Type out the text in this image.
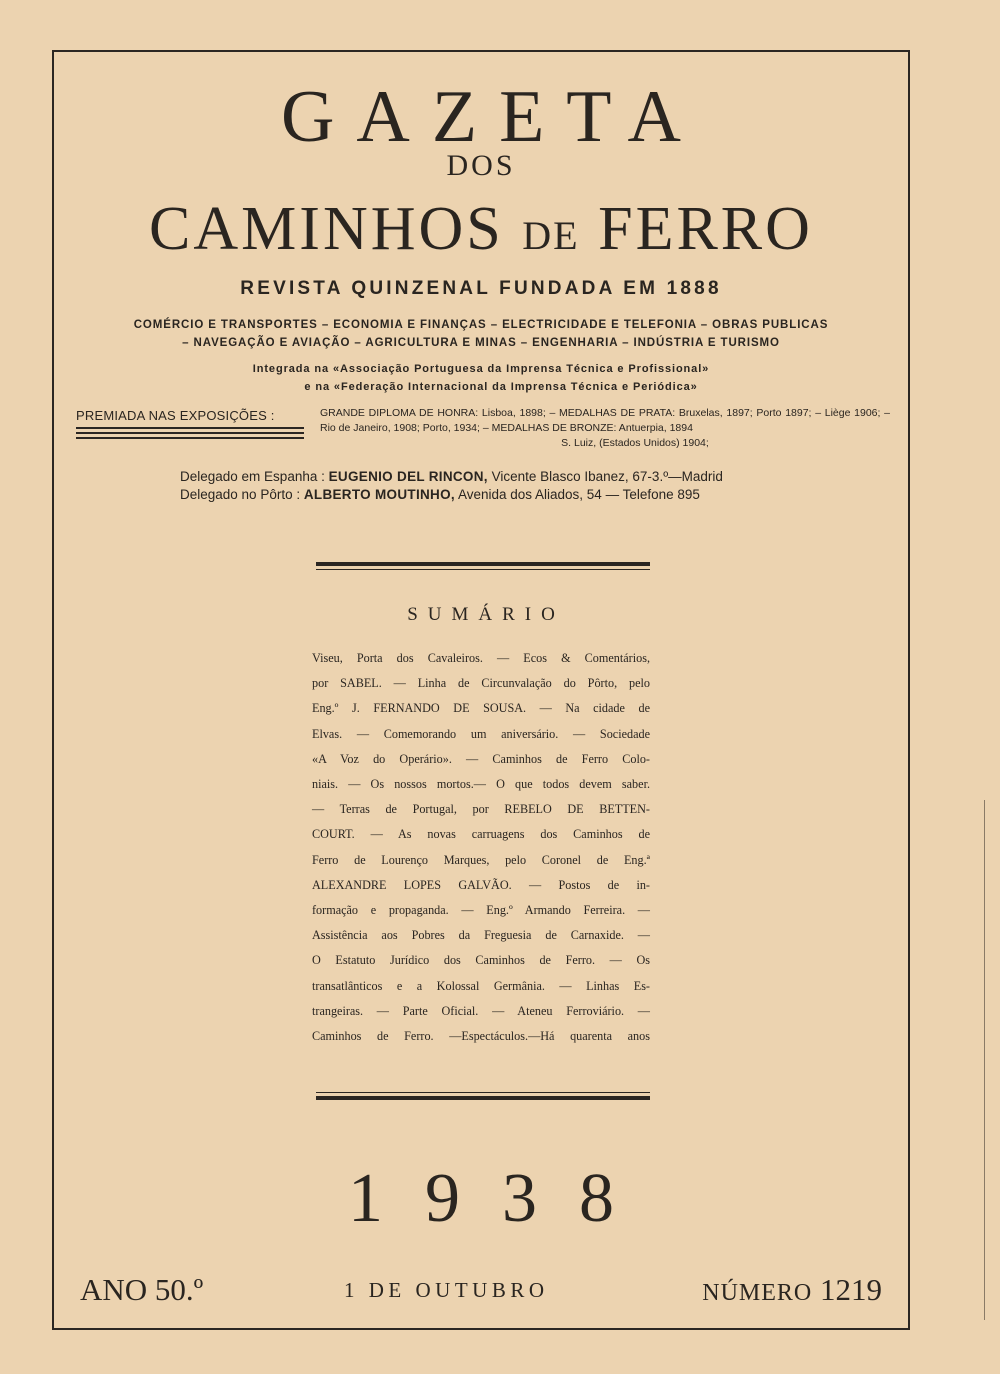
GAZETA
DOS
CAMINHOS DE FERRO
REVISTA QUINZENAL FUNDADA EM 1888
COMÉRCIO E TRANSPORTES – ECONOMIA E FINANÇAS – ELECTRICIDADE E TELEFONIA – OBRAS PUBLICAS
– NAVEGAÇÃO E AVIAÇÃO – AGRICULTURA E MINAS – ENGENHARIA – INDÚSTRIA E TURISMO
Integrada na «Associação Portuguesa da Imprensa Técnica e Profissional»
e na «Federação Internacional da Imprensa Técnica e Periódica»
PREMIADA NAS EXPOSIÇÕES :	GRANDE DIPLOMA DE HONRA: Lisboa, 1898; – MEDALHAS DE PRATA: Bruxelas, 1897; Porto 1897; – Liège 1906; – Rio de Janeiro, 1908; Porto, 1934; – MEDALHAS DE BRONZE: Antuerpia, 1894
S. Luiz, (Estados Unidos) 1904;
Delegado em Espanha : EUGENIO DEL RINCON, Vicente Blasco Ibanez, 67-3.º—Madrid
Delegado no Pôrto : ALBERTO MOUTINHO, Avenida dos Aliados, 54 — Telefone 895
SUMÁRIO
Viseu, Porta dos Cavaleiros. — Ecos & Comentários,
por SABEL. — Linha de Circunvalação do Pôrto, pelo
Eng.º J. FERNANDO DE SOUSA. — Na cidade de
Elvas. — Comemorando um aniversário. — Sociedade
«A Voz do Operário». — Caminhos de Ferro Colo-
niais. — Os nossos mortos.— O que todos devem saber.
— Terras de Portugal, por REBELO DE BETTEN-
COURT. — As novas carruagens dos Caminhos de
Ferro de Lourenço Marques, pelo Coronel de Eng.ª
ALEXANDRE LOPES GALVÃO. — Postos de in-
formação e propaganda. — Eng.º Armando Ferreira. —
Assistência aos Pobres da Freguesia de Carnaxide. —
O Estatuto Jurídico dos Caminhos de Ferro. — Os
transatlânticos e a Kolossal Germânia. — Linhas Es-
trangeiras. — Parte Oficial. — Ateneu Ferroviário. —
Caminhos de Ferro. —Espectáculos.—Há quarenta anos
1938
ANO 50.º	1 DE OUTUBRO	NÚMERO 1219
